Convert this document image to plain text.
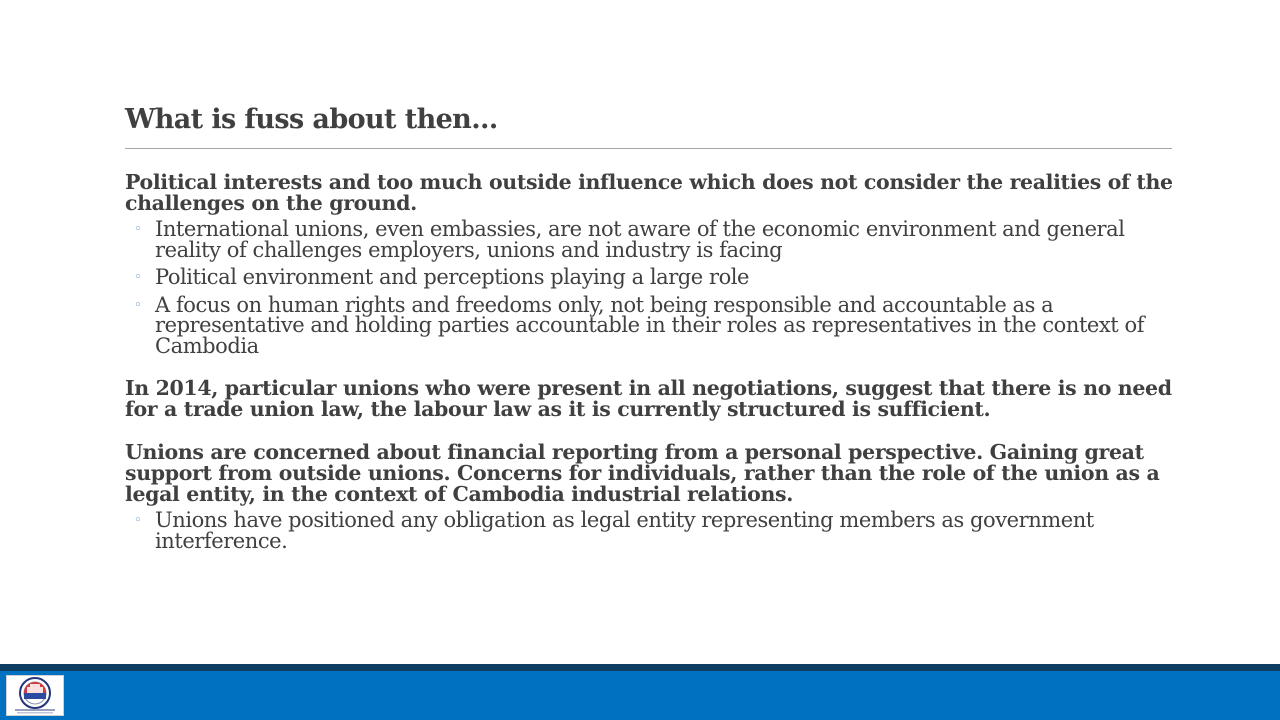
What is fuss about then…

Political interests and too much outside influence which does not consider the realities of the challenges on the ground.

◦ International unions, even embassies, are not aware of the economic environment and general reality of challenges employers, unions and industry is facing
◦ Political environment and perceptions playing a large role
◦ A focus on human rights and freedoms only, not being responsible and accountable as a representative and holding parties accountable in their roles as representatives in the context of Cambodia

In 2014, particular unions who were present in all negotiations, suggest that there is no need for a trade union law, the labour law as it is currently structured is sufficient.

Unions are concerned about financial reporting from a personal perspective. Gaining great support from outside unions. Concerns for individuals, rather than the role of the union as a legal entity, in the context of Cambodia industrial relations.

◦ Unions have positioned any obligation as legal entity representing members as government interference.
